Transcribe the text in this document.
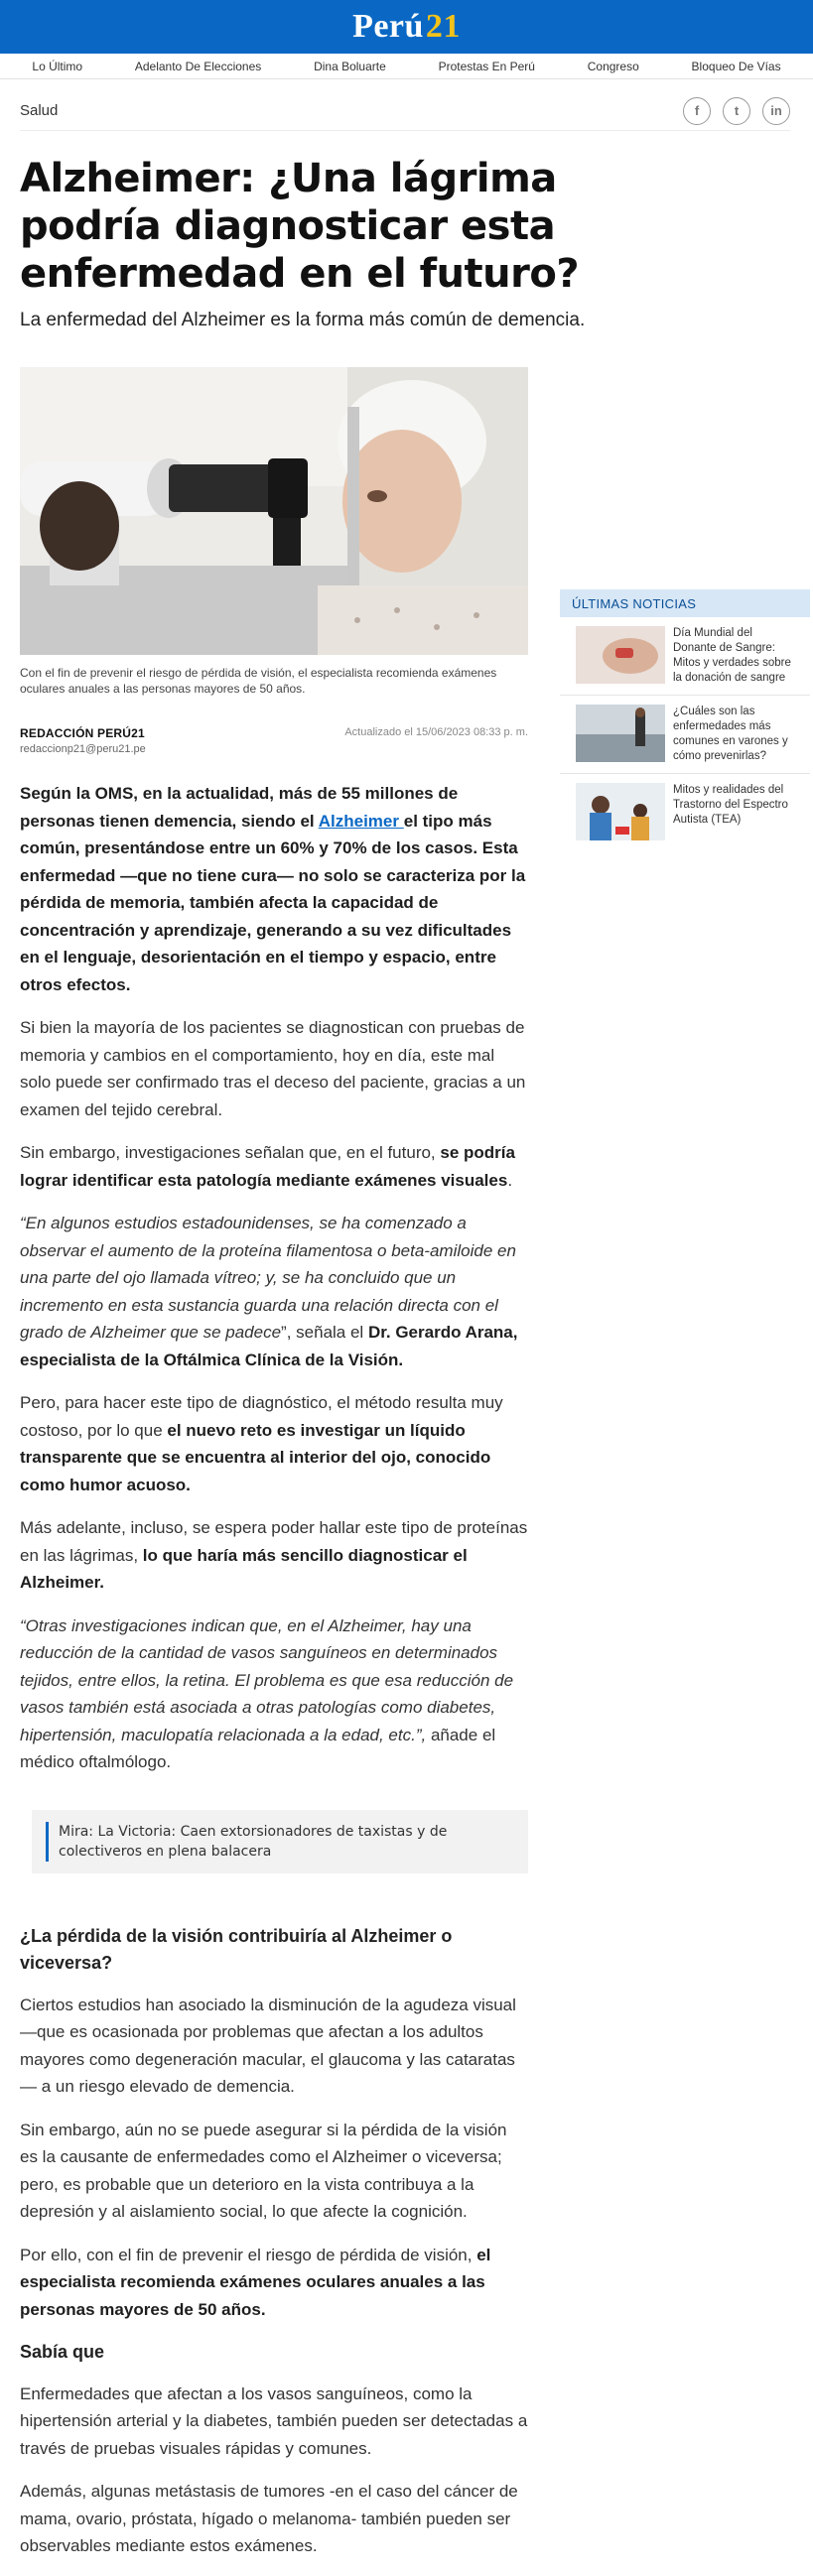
Perú21
Lo Último	Adelanto De Elecciones	Dina Boluarte	Protestas En Perú	Congreso	Bloqueo De Vías
Salud	f	t	in
Alzheimer: ¿Una lágrima podría diagnosticar esta enfermedad en el futuro?

La enfermedad del Alzheimer es la forma más común de demencia.

Con el fin de prevenir el riesgo de pérdida de visión, el especialista recomienda exámenes oculares anuales a las personas mayores de 50 años.

REDACCIÓN PERÚ21
redaccionp21@peru21.pe
Actualizado el 15/06/2023 08:33 p. m.

Según la OMS, en la actualidad, más de 55 millones de personas tienen demencia, siendo el Alzheimer el tipo más común, presentándose entre un 60% y 70% de los casos. Esta enfermedad —que no tiene cura— no solo se caracteriza por la pérdida de memoria, también afecta la capacidad de concentración y aprendizaje, generando a su vez dificultades en el lenguaje, desorientación en el tiempo y espacio, entre otros efectos.

Si bien la mayoría de los pacientes se diagnostican con pruebas de memoria y cambios en el comportamiento, hoy en día, este mal solo puede ser confirmado tras el deceso del paciente, gracias a un examen del tejido cerebral.

Sin embargo, investigaciones señalan que, en el futuro, se podría lograr identificar esta patología mediante exámenes visuales.

“En algunos estudios estadounidenses, se ha comenzado a observar el aumento de la proteína filamentosa o beta-amiloide en una parte del ojo llamada vítreo; y, se ha concluido que un incremento en esta sustancia guarda una relación directa con el grado de Alzheimer que se padece”, señala el Dr. Gerardo Arana, especialista de la Oftálmica Clínica de la Visión.

Pero, para hacer este tipo de diagnóstico, el método resulta muy costoso, por lo que el nuevo reto es investigar un líquido transparente que se encuentra al interior del ojo, conocido como humor acuoso.

Más adelante, incluso, se espera poder hallar este tipo de proteínas en las lágrimas, lo que haría más sencillo diagnosticar el Alzheimer.

“Otras investigaciones indican que, en el Alzheimer, hay una reducción de la cantidad de vasos sanguíneos en determinados tejidos, entre ellos, la retina. El problema es que esa reducción de vasos también está asociada a otras patologías como diabetes, hipertensión, maculopatía relacionada a la edad, etc.”, añade el médico oftalmólogo.

Mira: La Victoria: Caen extorsionadores de taxistas y de colectiveros en plena balacera
¿La pérdida de la visión contribuiría al Alzheimer o viceversa?

Ciertos estudios han asociado la disminución de la agudeza visual —que es ocasionada por problemas que afectan a los adultos mayores como degeneración macular, el glaucoma y las cataratas— a un riesgo elevado de demencia.

Sin embargo, aún no se puede asegurar si la pérdida de la visión es la causante de enfermedades como el Alzheimer o viceversa; pero, es probable que un deterioro en la vista contribuya a la depresión y al aislamiento social, lo que afecte la cognición.

Por ello, con el fin de prevenir el riesgo de pérdida de visión, el especialista recomienda exámenes oculares anuales a las personas mayores de 50 años.

Sabía que

Enfermedades que afectan a los vasos sanguíneos, como la hipertensión arterial y la diabetes, también pueden ser detectadas a través de pruebas visuales rápidas y comunes.

Además, algunas metástasis de tumores -en el caso del cáncer de mama, ovario, próstata, hígado o melanoma- también pueden ser observables mediante estos exámenes.

ÚLTIMAS NOTICIAS
Día Mundial del Donante de Sangre: Mitos y verdades sobre la donación de sangre
¿Cuáles son las enfermedades más comunes en varones y cómo prevenirlas?
Mitos y realidades del Trastorno del Espectro Autista (TEA)
